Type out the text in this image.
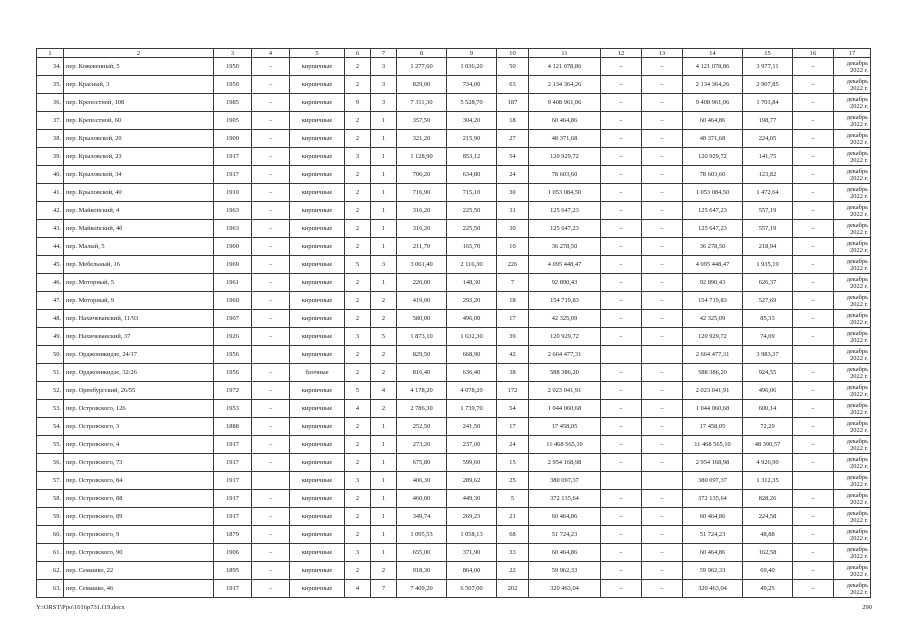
1	2	3	4	5	6	7	8	9	10	11	12	13	14	15	16	17
34.	пер. Кожевенный, 5	1950	–	кирпичные	2	3	1 277,60	1 036,20	50	4 121 078,86	–	–	4 121 078,86	3 977,11	–	декабрь 2022 г.
35.	пер. Красный, 3	1950	–	кирпичные	2	3	829,00	734,00	63	2 134 364,26	–	–	2 134 364,26	2 907,85	–	декабрь 2022 г.
36.	пер. Крепостной, 108	1985	–	кирпичные	9	3	7 311,30	5 528,70	187	9 408 961,06	–	–	9 408 961,06	1 701,84	–	декабрь 2022 г.
37.	пер. Крепостной, 60	1905	–	кирпичные	2	1	357,50	304,20	18	60 464,86	–	–	60 464,86	198,77	–	декабрь 2022 г.
38.	пер. Крыловской, 20	1900	–	кирпичные	2	1	321,20	215,90	27	48 371,68	–	–	48 371,68	224,05	–	декабрь 2022 г.
39.	пер. Крыловской, 23	1917	–	кирпичные	3	1	1 128,90	853,12	54	120 929,72	–	–	120 929,72	141,75	–	декабрь 2022 г.
40.	пер. Крыловской, 34	1917	–	кирпичные	2	1	706,20	634,80	24	78 603,60	–	–	78 603,60	123,82	–	декабрь 2022 г.
41.	пер. Крыловской, 40	1910	–	кирпичные	2	1	716,90	715,10	30	1 053 084,50	–	–	1 053 084,50	1 472,64	–	декабрь 2022 г.
42.	пер. Майкопский, 4	1963	–	кирпичные	2	1	316,20	225,50	31	125 647,23	–	–	125 647,23	557,19	–	декабрь 2022 г.
43.	пер. Майкопский, 4б	1963	–	кирпичные	2	1	316,20	225,50	30	125 647,23	–	–	125 647,23	557,19	–	декабрь 2022 г.
44.	пер. Малый, 5	1900	–	кирпичные	2	1	211,70	165,70	10	36 278,50	–	–	36 278,50	218,94	–	декабрь 2022 г.
45.	пер. Мебельный, 16	1969	–	кирпичные	5	3	3 061,40	2 116,30	226	4 095 448,47	–	–	4 095 448,47	1 935,19	–	декабрь 2022 г.
46.	пер. Моторный, 5	1961	–	кирпичные	2	1	226,00	148,30	7	92 890,43	–	–	92 890,43	626,37	–	декабрь 2022 г.
47.	пер. Моторный, 9	1960	–	кирпичные	2	2	419,00	293,20	18	154 719,83	–	–	154 719,83	527,69	–	декабрь 2022 г.
48.	пер. Нахичеванский, 11/93	1907	–	кирпичные	2	2	580,00	496,00	17	42 325,09	–	–	42 325,09	85,33	–	декабрь 2022 г.
49.	пер. Нахичеванский, 37	1926	–	кирпичные	3	5	1 873,10	1 632,30	39	120 929,72	–	–	120 929,72	74,09	–	декабрь 2022 г.
50.	пер. Орджоникидзе, 24/17	1956		кирпичные	2	2	829,50	668,90	42	2 664 477,31			2 664 477,31	3 983,37		декабрь 2022 г.
51.	пер. Орджоникидзе, 32/26	1956	–	блочные	2	2	816,40	636,40	38	588 386,20	–	–	588 386,20	924,55	–	декабрь 2022 г.
52.	пер. Оренбургский, 26/55	1972	–	кирпичные	5	4	4 178,20	4 078,20	172	2 023 041,91	–	–	2 023 041,91	496,06	–	декабрь 2022 г.
53.	пер. Островского, 126	1953	–	кирпичные	4	2	2 786,30	1 739,70	54	1 044 060,68	–	–	1 044 060,68	600,14	–	декабрь 2022 г.
54.	пер. Островского, 3	1888	–	кирпичные	2	1	252,50	241,50	17	17 458,05	–	–	17 458,05	72,29	–	декабрь 2022 г.
55.	пер. Островского, 4	1917	–	кирпичные	2	1	273,20	237,00	24	11 468 565,10	–	–	11 468 565,10	48 390,57	–	декабрь 2022 г.
56.	пер. Островского, 73	1917	–	кирпичные	2	1	675,80	599,60	15	2 954 168,98	–	–	2 954 168,98	4 926,90	–	декабрь 2022 г.
57.	пер. Островского, 84	1917		кирпичные	3	1	406,30	289,62	25	380 097,37			380 097,37	1 312,35		декабрь 2022 г.
58.	пер. Островского, 88	1917	–	кирпичные	2	1	460,00	449,30	5	372 135,64	–	–	372 135,64	828,26	–	декабрь 2022 г.
59.	пер. Островского, 89	1917	–	кирпичные	2	1	349,74	269,23	21	60 464,86	–	–	60 464,86	224,58	–	декабрь 2022 г.
60.	пер. Островского, 9	1879	–	кирпичные	2	1	1 095,53	1 058,13	68	51 724,23	–	–	51 724,23	48,88	–	декабрь 2022 г.
61.	пер. Островского, 90	1906	–	кирпичные	3	1	655,00	371,90	33	60 464,86	–	–	60 464,86	162,58	–	декабрь 2022 г.
62.	пер. Семашко, 22	1895	–	кирпичные	2	2	918,30	864,00	22	59 962,33	–	–	59 962,33	69,40	–	декабрь 2022 г.
63.	пер. Семашко, 46	1917	–	кирпичные	4	7	7 409,20	6 507,00	202	320 463,04	–	–	320 463,04	49,25	–	декабрь 2022 г.
Y:\ORST\Ppo\1016p731.f19.docx	290
